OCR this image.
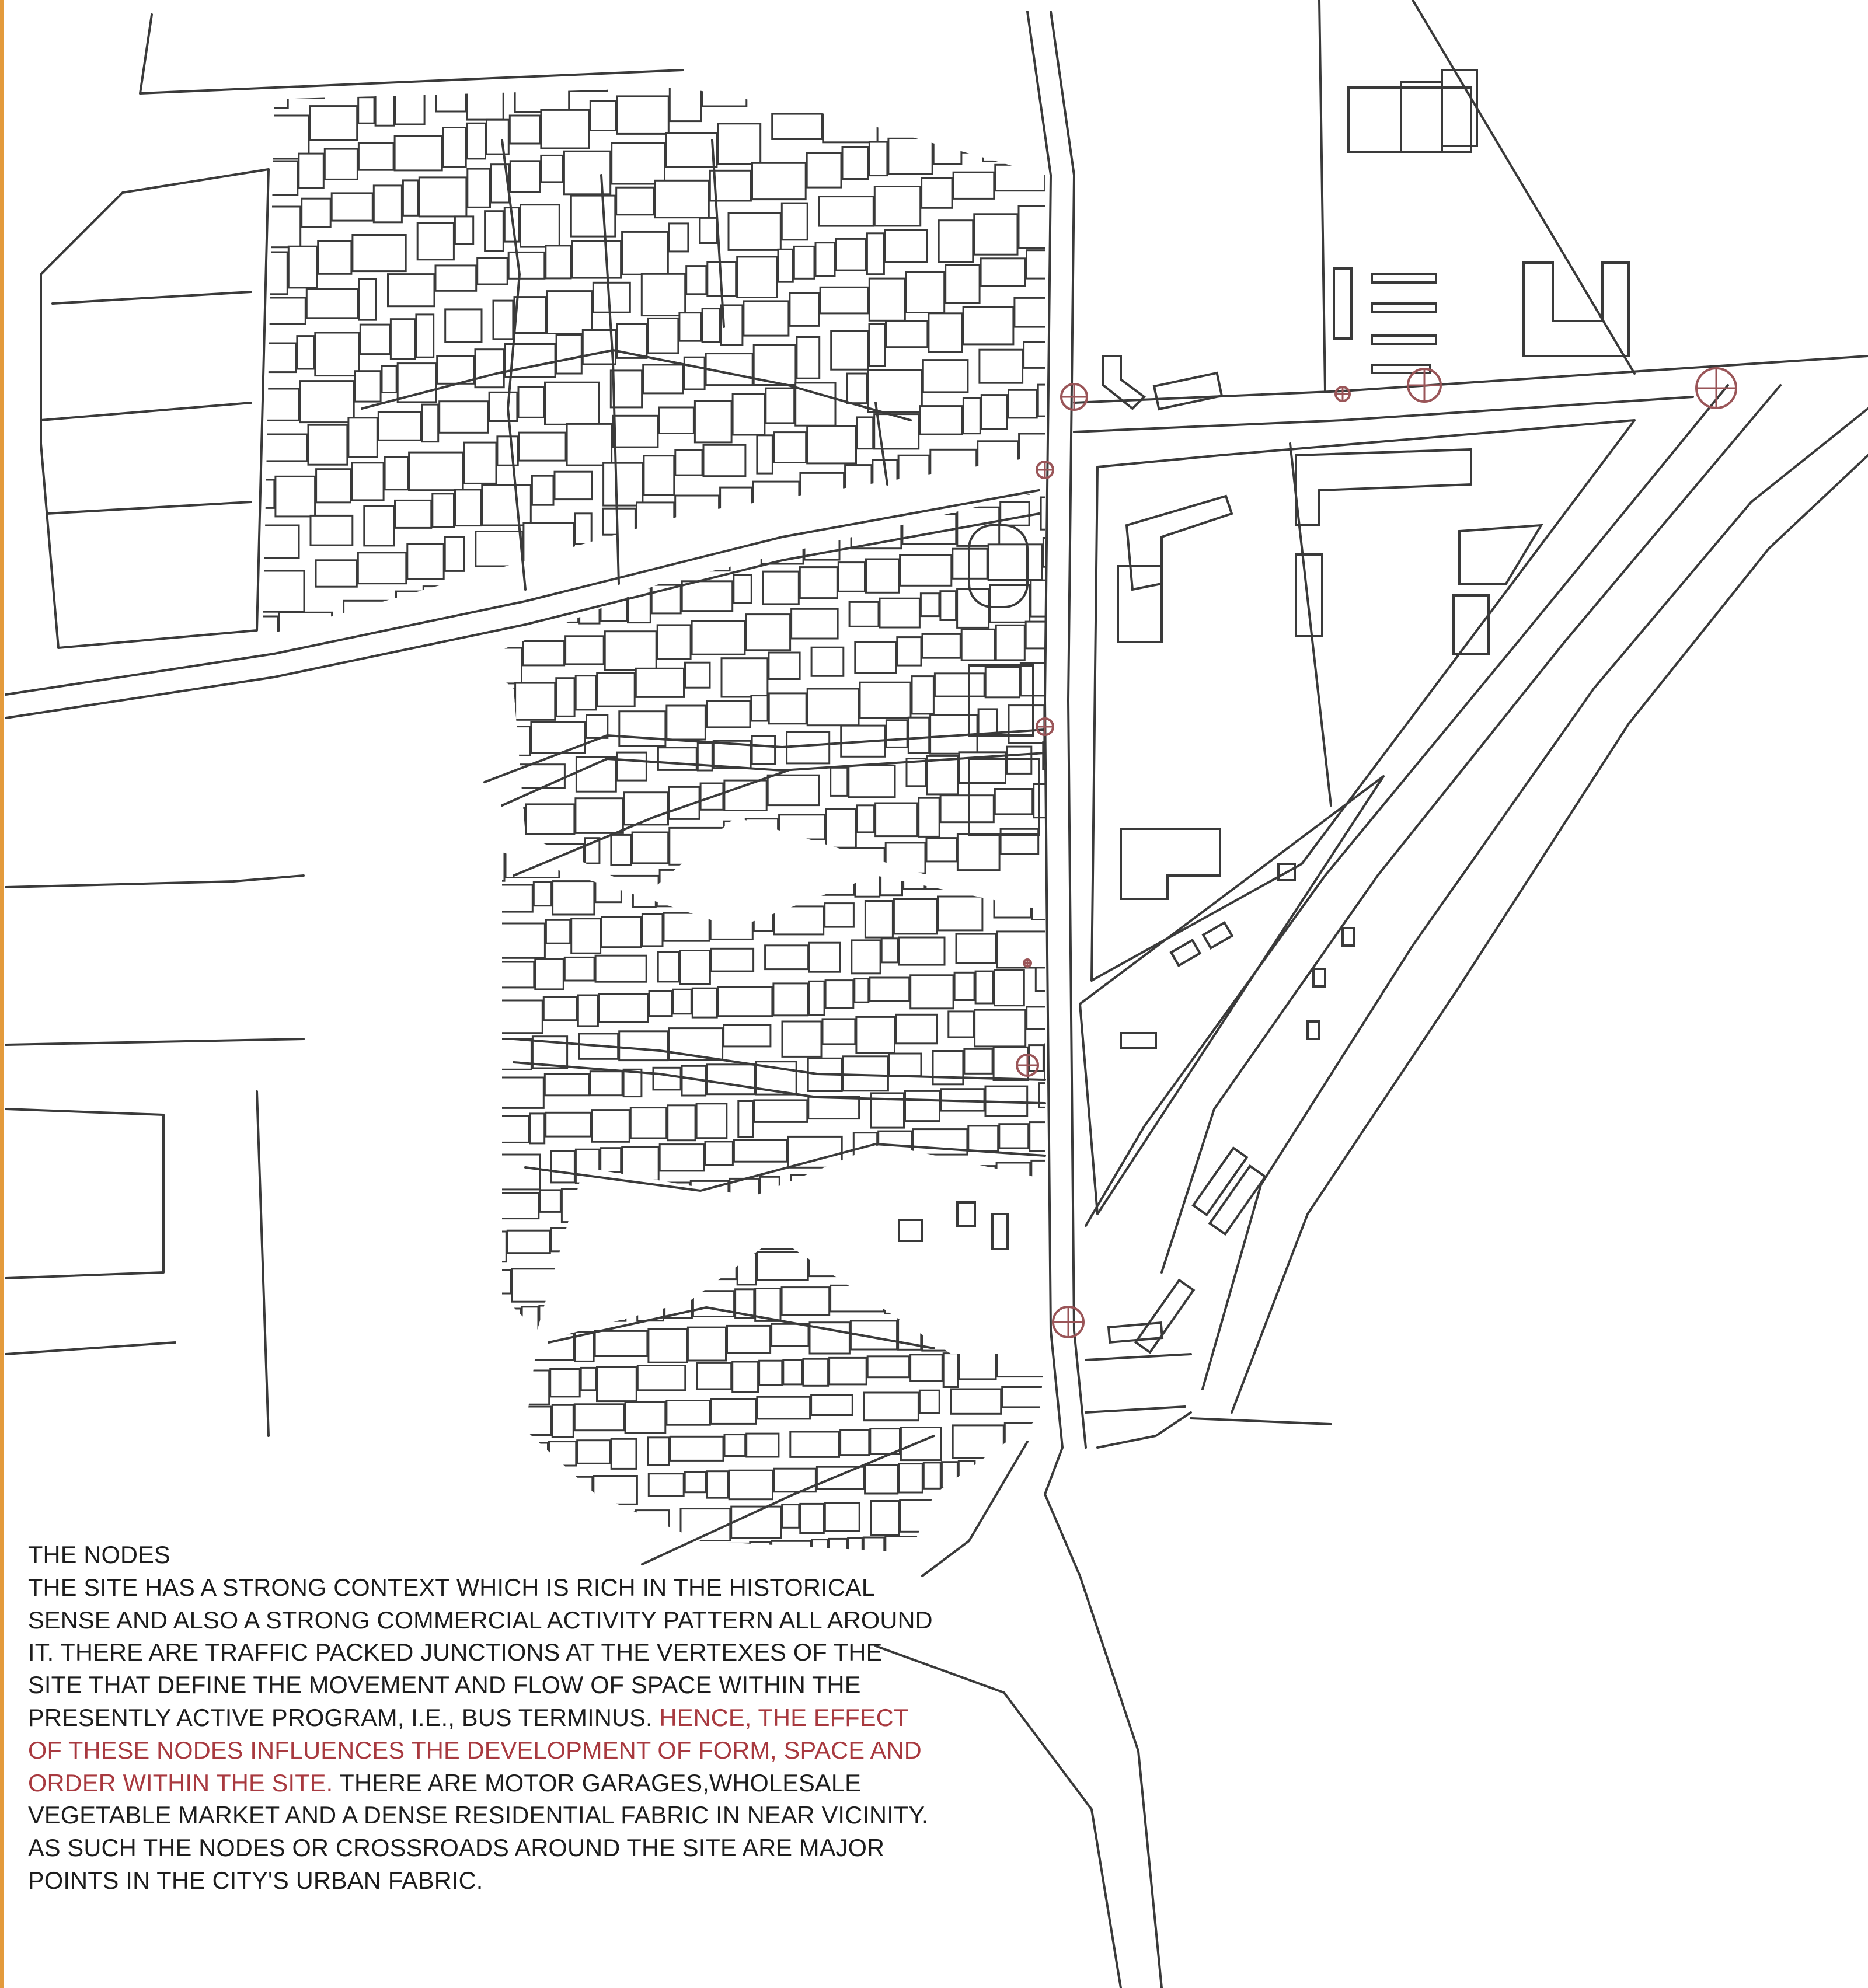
THE NODES

THE SITE HAS A STRONG CONTEXT WHICH IS RICH IN THE HISTORICAL SENSE AND ALSO A STRONG COMMERCIAL ACTIVITY PATTERN ALL AROUND IT. THERE ARE TRAFFIC PACKED JUNCTIONS AT THE VERTEXES OF THE SITE THAT DEFINE THE MOVEMENT AND FLOW OF SPACE WITHIN THE PRESENTLY ACTIVE PROGRAM, I.E., BUS TERMINUS. HENCE, THE EFFECT OF THESE NODES INFLUENCES THE DEVELOPMENT OF FORM, SPACE AND ORDER WITHIN THE SITE. THERE ARE MOTOR GARAGES,WHOLESALE VEGETABLE MARKET AND A DENSE RESIDENTIAL FABRIC IN NEAR VICINITY. AS SUCH THE NODES OR CROSSROADS AROUND THE SITE ARE MAJOR POINTS IN THE CITY'S URBAN FABRIC.
